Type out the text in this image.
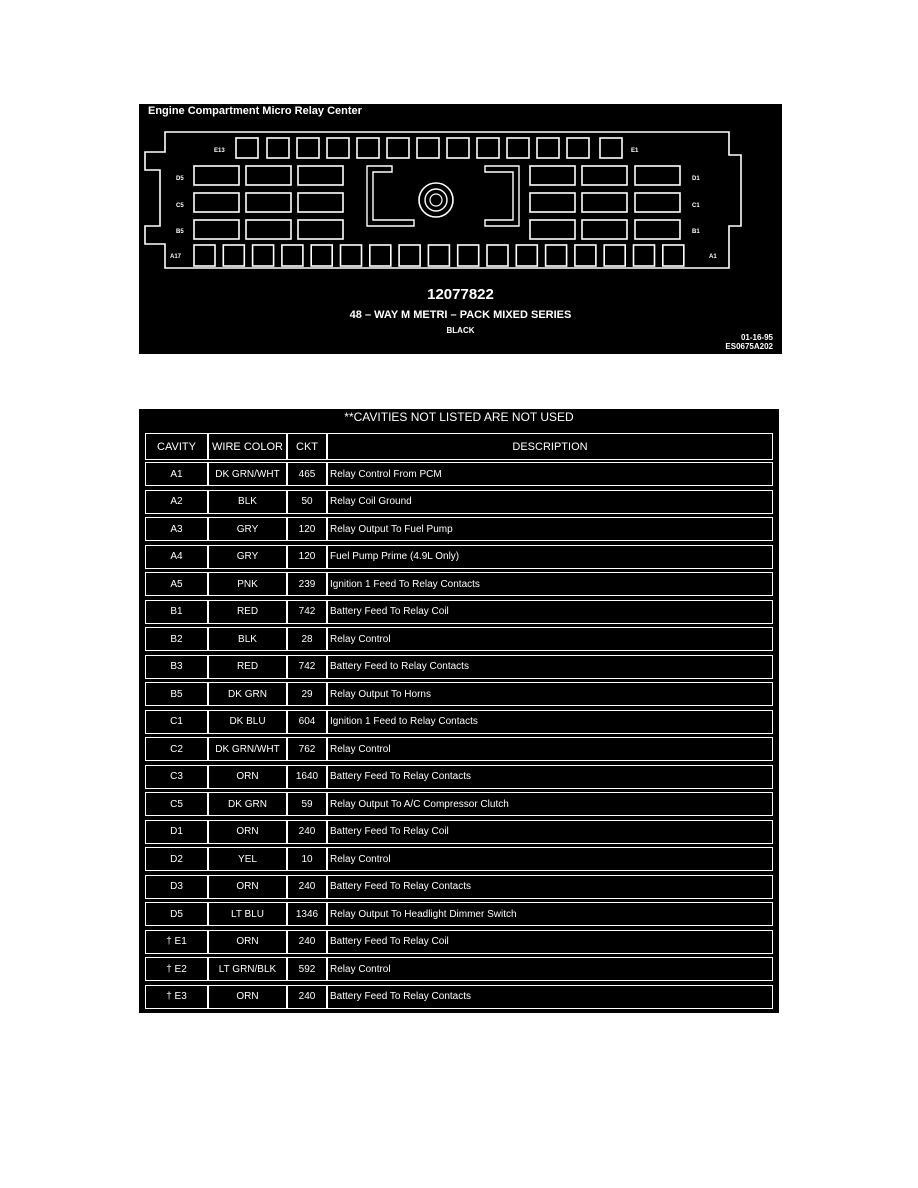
Engine Compartment Micro Relay Center
E13	E1
D5	D1
C5	C1
B5	B1
A17	A1
12077822
48 – WAY M METRI – PACK MIXED SERIES
BLACK
01-16-95
ES0675A202
**CAVITIES NOT LISTED ARE NOT USED
CAVITY	WIRE COLOR	CKT	DESCRIPTION
A1	DK GRN/WHT	465	Relay Control From PCM
A2	BLK	50	Relay Coil Ground
A3	GRY	120	Relay Output To Fuel Pump
A4	GRY	120	Fuel Pump Prime (4.9L Only)
A5	PNK	239	Ignition 1 Feed To Relay Contacts
B1	RED	742	Battery Feed To Relay Coil
B2	BLK	28	Relay Control
B3	RED	742	Battery Feed to Relay Contacts
B5	DK GRN	29	Relay Output To Horns
C1	DK BLU	604	Ignition 1 Feed to Relay Contacts
C2	DK GRN/WHT	762	Relay Control
C3	ORN	1640	Battery Feed To Relay Contacts
C5	DK GRN	59	Relay Output To A/C Compressor Clutch
D1	ORN	240	Battery Feed To Relay Coil
D2	YEL	10	Relay Control
D3	ORN	240	Battery Feed To Relay Contacts
D5	LT BLU	1346	Relay Output To Headlight Dimmer Switch
† E1	ORN	240	Battery Feed To Relay Coil
† E2	LT GRN/BLK	592	Relay Control
† E3	ORN	240	Battery Feed To Relay Contacts
